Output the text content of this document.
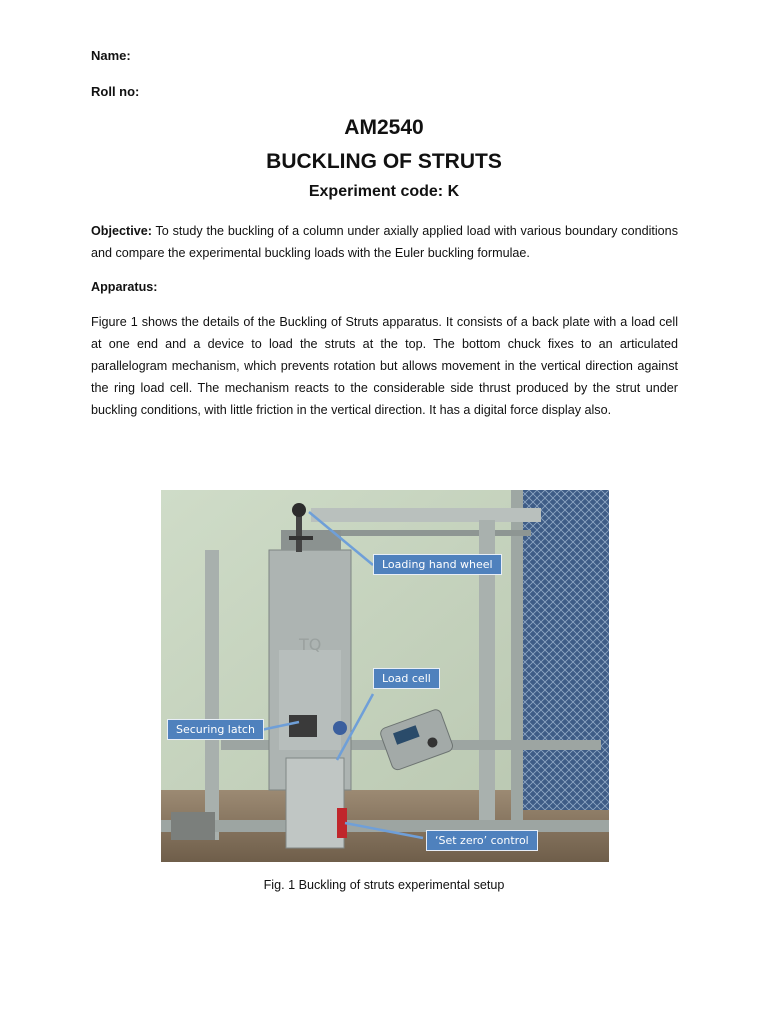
Name:
Roll no:
AM2540
BUCKLING OF STRUTS
Experiment code: K
Objective: To study the buckling of a column under axially applied load with various boundary conditions and compare the experimental buckling loads with the Euler buckling formulae.
Apparatus:
Figure 1 shows the details of the Buckling of Struts apparatus. It consists of a back plate with a load cell at one end and a device to load the struts at the top. The bottom chuck fixes to an articulated parallelogram mechanism, which prevents rotation but allows movement in the vertical direction against the ring load cell. The mechanism reacts to the considerable side thrust produced by the strut under buckling conditions, with little friction in the vertical direction. It has a digital force display also.
TQ
Loading hand wheel
Load cell
Securing latch
‘Set zero’ control
Fig. 1 Buckling of struts experimental setup
